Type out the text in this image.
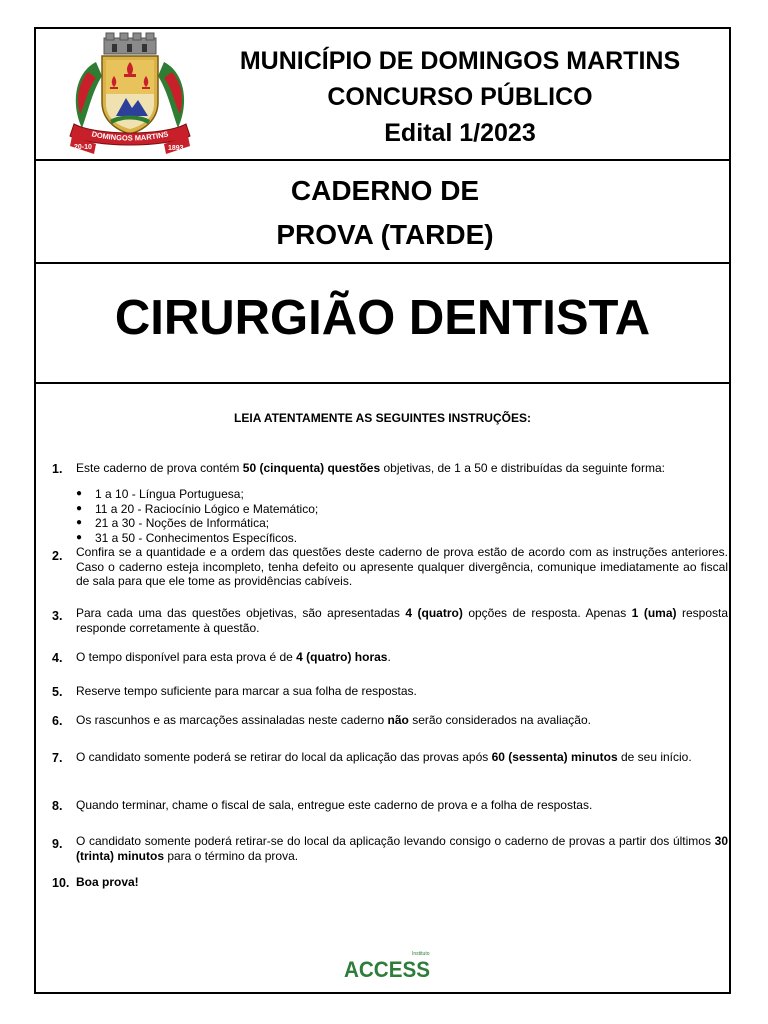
DOMINGOS MARTINS
20-10	1893
MUNICÍPIO DE DOMINGOS MARTINS
CONCURSO PÚBLICO
Edital 1/2023
CADERNO DE
PROVA (TARDE)
CIRURGIÃO DENTISTA
LEIA ATENTAMENTE AS SEGUINTES INSTRUÇÕES:
1. Este caderno de prova contém 50 (cinquenta) questões objetivas, de 1 a 50 e distribuídas da seguinte forma:
● 1 a 10 - Língua Portuguesa;
● 11 a 20 - Raciocínio Lógico e Matemático;
● 21 a 30 - Noções de Informática;
● 31 a 50 - Conhecimentos Específicos.
2. Confira se a quantidade e a ordem das questões deste caderno de prova estão de acordo com as instruções anteriores. Caso o caderno esteja incompleto, tenha defeito ou apresente qualquer divergência, comunique imediatamente ao fiscal de sala para que ele tome as providências cabíveis.
3. Para cada uma das questões objetivas, são apresentadas 4 (quatro) opções de resposta. Apenas 1 (uma) resposta responde corretamente à questão.
4. O tempo disponível para esta prova é de 4 (quatro) horas.
5. Reserve tempo suficiente para marcar a sua folha de respostas.
6. Os rascunhos e as marcações assinaladas neste caderno não serão considerados na avaliação.
7. O candidato somente poderá se retirar do local da aplicação das provas após 60 (sessenta) minutos de seu início.
8. Quando terminar, chame o fiscal de sala, entregue este caderno de prova e a folha de respostas.
9. O candidato somente poderá retirar-se do local da aplicação levando consigo o caderno de provas a partir dos últimos 30 (trinta) minutos para o término da prova.
10. Boa prova!
Instituto
ACCESS
